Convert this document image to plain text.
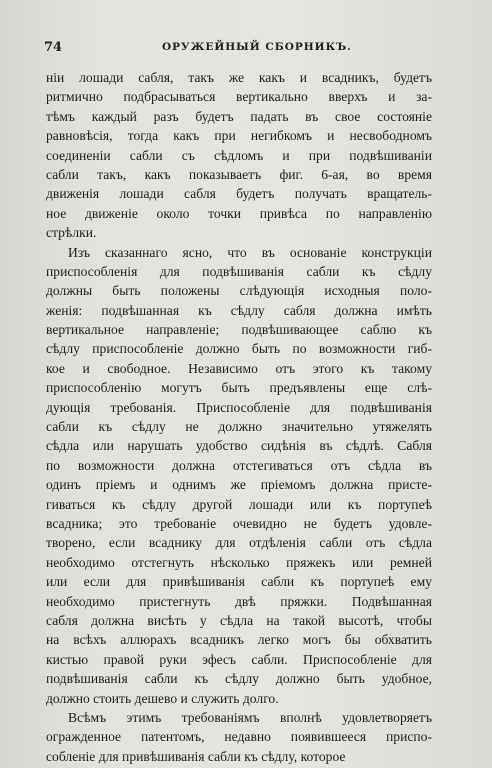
74	ОРУЖЕЙНЫЙ СБОРНИКЪ.
нiи лошади сабля, такъ же какъ и всадникъ, будетъ
ритмично подбрасываться вертикально вверхъ и за-
тѣмъ каждый разъ будетъ падать въ свое состоянiе
равновѣсiя, тогда какъ при негибкомъ и несвободномъ
соединенiи сабли съ сѣдломъ и при подвѣшиванiи
сабли такъ, какъ показываетъ фиг. 6-ая, во время
движенiя лошади сабля будетъ получать вращатель-
ное движенiе около точки привѣса по направленiю
стрѣлки.
Изъ сказаннаго ясно, что въ основанiе конструкцiи
приспособленiя для подвѣшиванiя сабли къ сѣдлу
должны быть положены слѣдующiя исходныя поло-
женiя: подвѣшанная къ сѣдлу сабля должна имѣть
вертикальное направленiе; подвѣшивающее саблю къ
сѣдлу приспособленiе должно быть по возможности гиб-
кое и свободное. Независимо отъ этого къ такому
приспособленiю могутъ быть предъявлены еще слѣ-
дующiя требованiя. Приспособленiе для подвѣшиванiя
сабли къ сѣдлу не должно значительно утяжелять
сѣдла или нарушать удобство сидѣнiя въ сѣдлѣ. Сабля
по возможности должна отстегиваться отъ сѣдла въ
одинъ прiемъ и однимъ же прiемомъ должна присте-
гиваться къ сѣдлу другой лошади или къ портупеѣ
всадника; это требованiе очевидно не будетъ удовле-
творено, если всаднику для отдѣленiя сабли отъ сѣдла
необходимо отстегнуть нѣсколько пряжекъ или ремней
или если для привѣшиванiя сабли къ портупеѣ ему
необходимо пристегнуть двѣ пряжки. Подвѣшанная
сабля должна висѣть у сѣдла на такой высотѣ, чтобы
на всѣхъ аллюрахъ всадникъ легко могъ бы обхватить
кистью правой руки эфесъ сабли. Приспособленiе для
подвѣшиванiя сабли къ сѣдлу должно быть удобное,
должно стоить дешево и служить долго.
Всѣмъ этимъ требованiямъ вполнѣ удовлетворяетъ
огражденное патентомъ, недавно появившееся приспо-
собленiе для привѣшиванiя сабли къ сѣдлу, которое
